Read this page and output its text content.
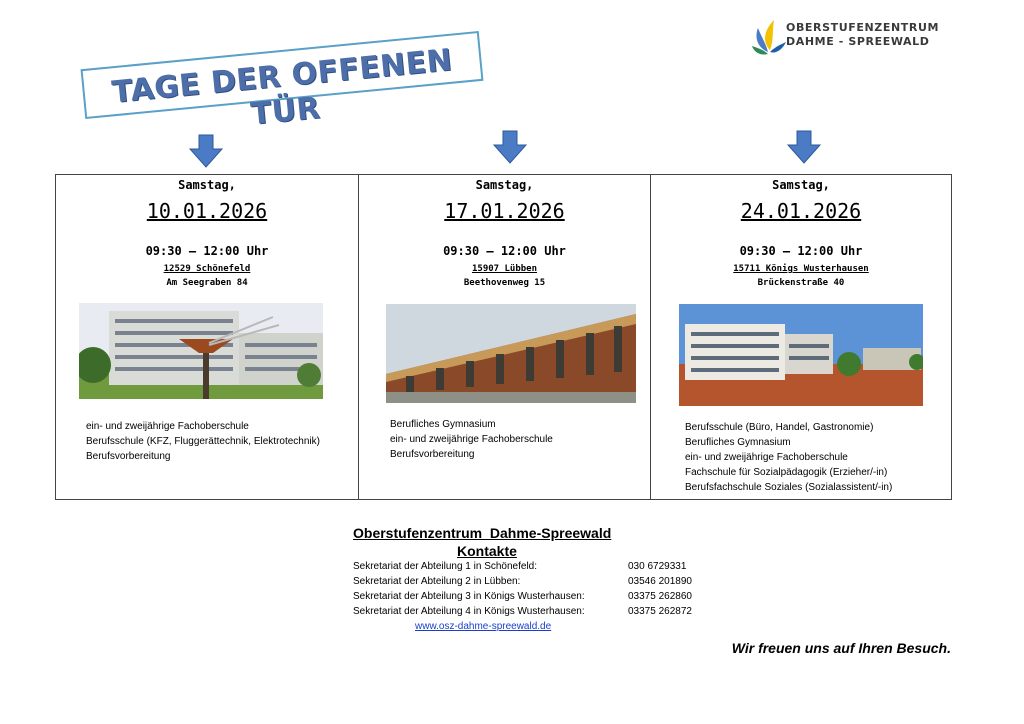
OBERSTUFENZENTRUM
DAHME - SPREEWALD
TAGE DER OFFENEN TÜR
Samstag,
10.01.2026
09:30 – 12:00 Uhr
12529 Schönefeld
Am Seegraben 84
ein- und zweijährige Fachoberschule
Berufsschule (KFZ, Fluggerättechnik, Elektrotechnik)
Berufsvorbereitung
Samstag,
17.01.2026
09:30 – 12:00 Uhr
15907 Lübben
Beethovenweg 15
Berufliches Gymnasium
ein- und zweijährige Fachoberschule
Berufsvorbereitung
Samstag,
24.01.2026
09:30 – 12:00 Uhr
15711 Königs Wusterhausen
Brückenstraße 40
Berufsschule (Büro, Handel, Gastronomie)
Berufliches Gymnasium
ein- und zweijährige Fachoberschule
Fachschule für Sozialpädagogik (Erzieher/-in)
Berufsfachschule Soziales (Sozialassistent/-in)
Oberstufenzentrum  Dahme-Spreewald
Kontakte
Sekretariat der Abteilung 1 in Schönefeld:	030 6729331
Sekretariat der Abteilung 2 in Lübben:	03546 201890
Sekretariat der Abteilung 3 in Königs Wusterhausen:	03375 262860
Sekretariat der Abteilung 4 in Königs Wusterhausen:	03375 262872
www.osz-dahme-spreewald.de
Wir freuen uns auf Ihren Besuch.
